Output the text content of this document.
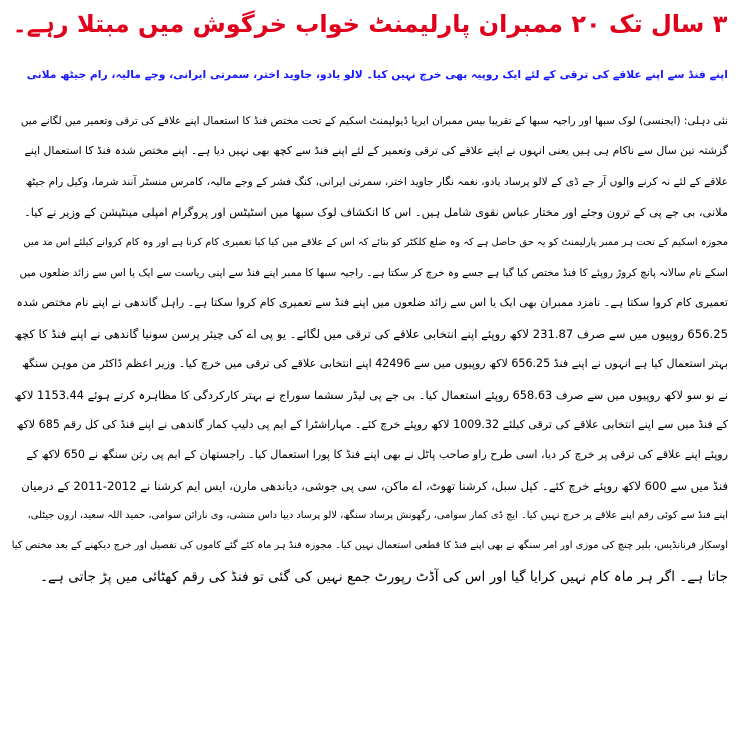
۳ سال تک ۲۰ ممبران پارلیمنٹ خواب خرگوش میں مبتلا رہے۔
اپنے فنڈ سے اپنے علاقے کی ترقی کے لئے ایک روپیہ بھی خرچ نہیں کیا۔ لالو یادو، جاوید اختر، سمرتی ایرانی، وجے مالیہ، رام جیٹھ ملانی
نئی دہلی: (ایجنسی) لوک سبھا اور راجیہ سبھا کے تقریبا بیس ممبران ایریا ڈیولپمنٹ اسکیم کے تحت مختص فنڈ کا استعمال اپنے علاقے کی ترقی وتعمیر میں لگانے میں
گزشتہ تین سال سے ناکام ہی ہیں یعنی انہوں نے اپنے علاقے کی ترقی وتعمیر کے لئے اپنے فنڈ سے کچھ بھی نہیں دیا ہے۔ اپنے مختص شدہ فنڈ کا استعمال اپنے
علاقے کے لئے نہ کرنے والوں آر جے ڈی کے لالو پرساد یادو، نغمہ نگار جاوید اختر، سمرتی ایرانی، کنگ فشر کے وجے مالیہ، کامرس منسٹر آنند شرما، وکیل رام جیٹھ
ملانی، بی جے پی کے ترون وجئے اور مختار عباس نقوی شامل ہیں۔ اس کا انکشاف لوک سبھا میں اسٹیٹس اور پروگرام امپلی مینٹیشن کے وزیر نے کیا۔
مجوزہ اسکیم کے تحت ہر ممبر پارلیمنٹ کو یہ حق حاصل ہے کہ وہ ضلع کلکٹر کو بتائے کہ اس کے علاقے میں کیا کیا تعمیری کام کرنا ہے اور وہ کام کروانے کیلئے اس مد میں
اسکے نام سالانہ پانچ کروڑ روپئے کا فنڈ مختص کیا گیا ہے جسے وہ خرچ کر سکتا ہے۔ راجیہ سبھا کا ممبر اپنے فنڈ سے اپنی ریاست سے ایک یا اس سے زائد ضلعوں میں
تعمیری کام کروا سکتا ہے۔ نامزد ممبران بھی ایک یا اس سے زائد ضلعوں میں اپنے فنڈ سے تعمیری کام کروا سکتا ہے۔ راہل گاندھی نے اپنے نام مختص شدہ
656.25 روپیوں میں سے صرف 231.87 لاکھ روپئے اپنے انتخابی علاقے کی ترقی میں لگائے۔ یو پی اے کی چیئر پرسن سونیا گاندھی نے اپنے فنڈ کا کچھ
بہتر استعمال کیا ہے انہوں نے اپنے فنڈ 656.25 لاکھ روپیوں میں سے 42496 اپنے انتخابی علاقے کی ترقی میں خرچ کیا۔ وزیر اعظم ڈاکٹر من موہن سنگھ
نے نو سو لاکھ روپیوں میں سے صرف 658.63 روپئے استعمال کیا۔ بی جے پی لیڈر سشما سوراج نے بہتر کارکردگی کا مظاہرہ کرتے ہوئے 1153.44 لاکھ
کے فنڈ میں سے اپنے انتخابی علاقے کی ترقی کیلئے 1009.32 لاکھ روپئے خرچ کئے۔ مہاراشٹرا کے ایم پی دلیپ کمار گاندھی نے اپنے فنڈ کی کل رقم 685 لاکھ
روپئے اپنے علاقے کی ترقی پر خرچ کر دیا، اسی طرح راو صاحب پاٹل نے بھی اپنے فنڈ کا پورا استعمال کیا۔ راجستھان کے ایم پی رتن سنگھ نے 650 لاکھ کے
فنڈ میں سے 600 لاکھ روپئے خرچ کئے۔ کپل سبل، کرشنا تھوٹ، اے ماکن، سی پی جوشی، دیاندھی مارن، ایس ایم کرشنا نے 2012-2011 کے درمیان
اپنے فنڈ سے کوئی رقم اپنے علاقے پر خرچ نہیں کیا۔ ایچ ڈی کمار سوامی، رگھونش پرساد سنگھ، لالو پرساد دیپا داس منشی، وی نارائن سوامی، حمید اللہ سعید، ارون جیٹلی،
اوسکار فرنانڈیس، بلیر چنچ کی موزی اور امر سنگھ نے بھی اپنے فنڈ کا قطعی استعمال نہیں کیا۔ مجوزہ فنڈ ہر ماہ کئے گئے کاموں کی تفصیل اور خرچ دیکھنے کے بعد مختص کیا
جاتا ہے۔ اگر ہر ماہ کام نہیں کرایا گیا اور اس کی آڈٹ رپورٹ جمع نہیں کی گئی تو فنڈ کی رقم کھٹائی میں پڑ جاتی ہے۔
